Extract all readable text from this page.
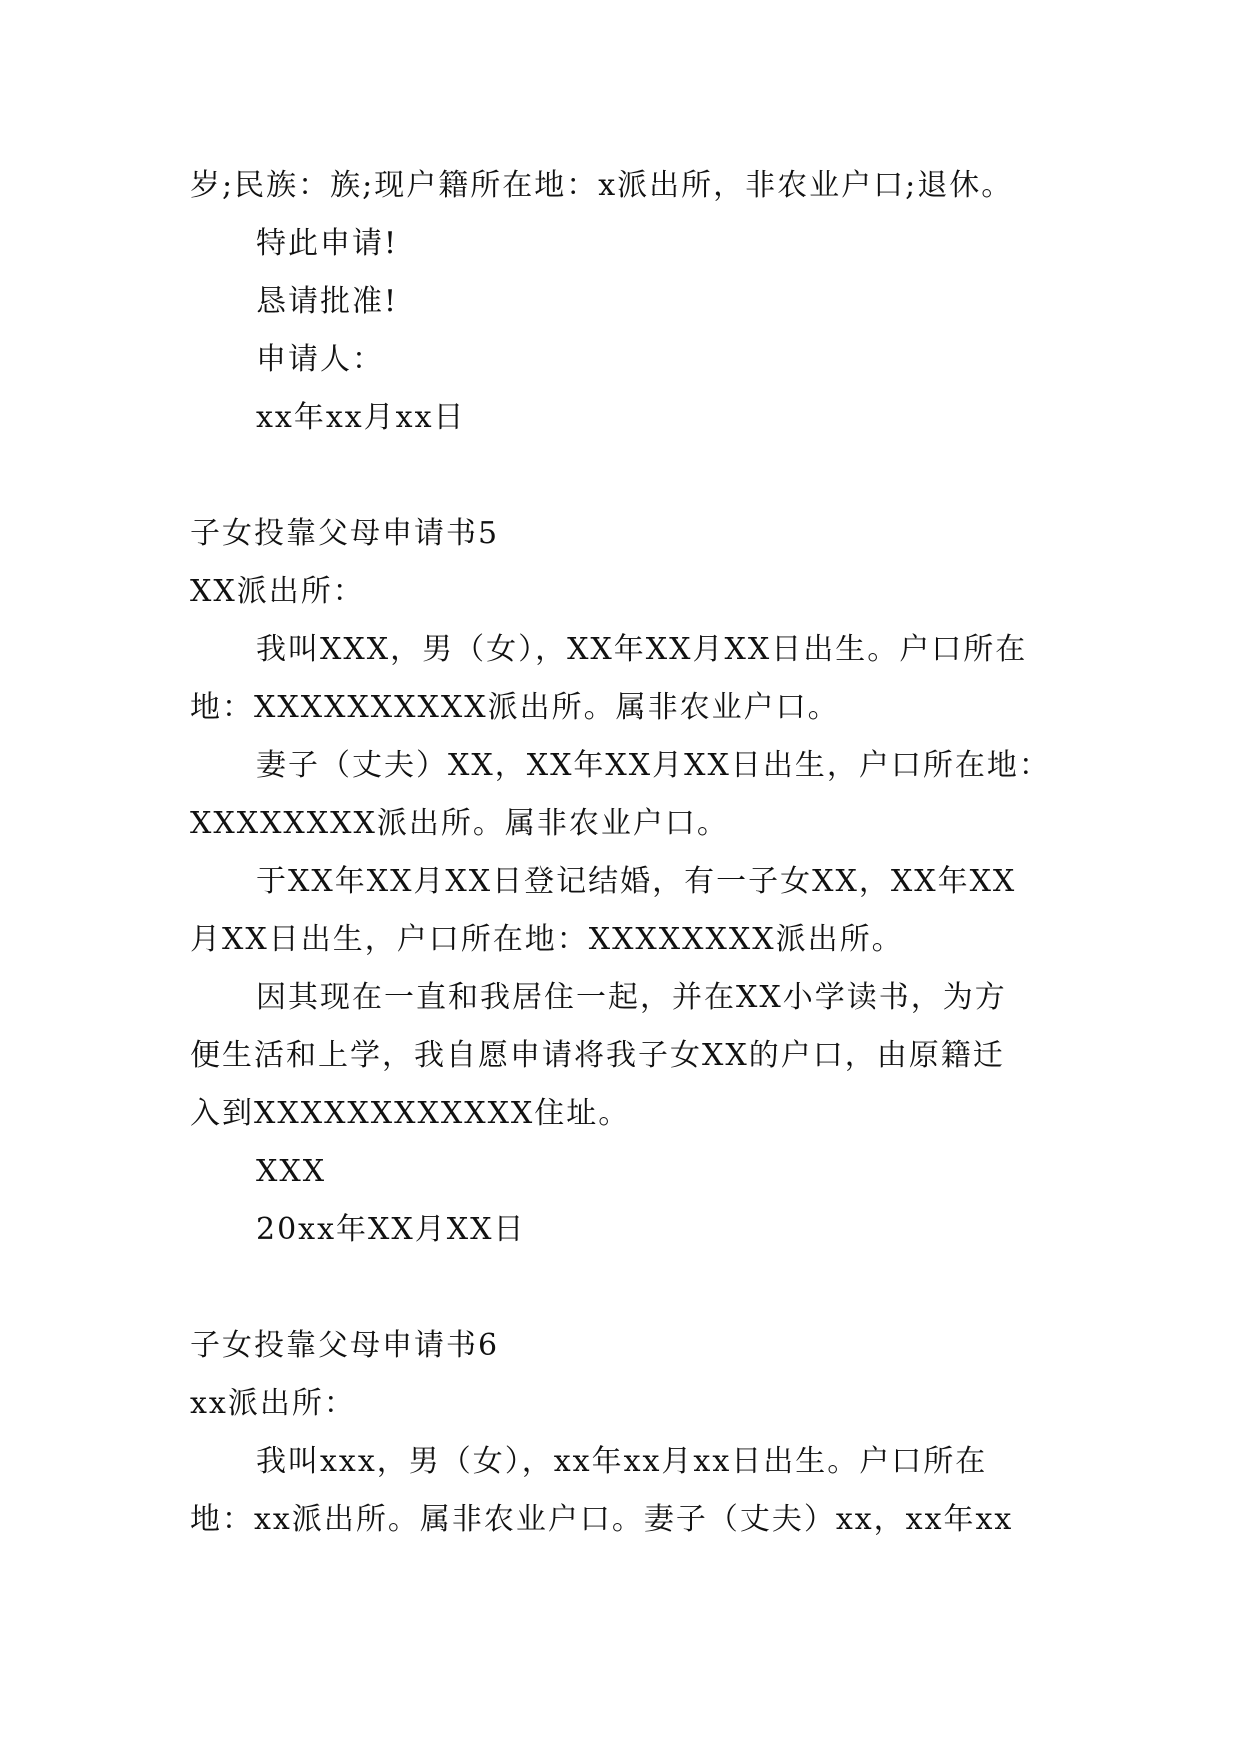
岁;民族：族;现户籍所在地：x派出所，非农业户口;退休。
特此申请!
恳请批准!
申请人：
xx年xx月xx日
子女投靠父母申请书5
XX派出所：
我叫XXX，男（女），XX年XX月XX日出生。户口所在
地：XXXXXXXXXX派出所。属非农业户口。
妻子（丈夫）XX，XX年XX月XX日出生，户口所在地：
XXXXXXXX派出所。属非农业户口。
于XX年XX月XX日登记结婚，有一子女XX，XX年XX
月XX日出生，户口所在地：XXXXXXXX派出所。
因其现在一直和我居住一起，并在XX小学读书，为方
便生活和上学，我自愿申请将我子女XX的户口，由原籍迁
入到XXXXXXXXXXXX住址。
XXX
20xx年XX月XX日
子女投靠父母申请书6
xx派出所：
我叫xxx，男（女），xx年xx月xx日出生。户口所在
地：xx派出所。属非农业户口。妻子（丈夫）xx，xx年xx
